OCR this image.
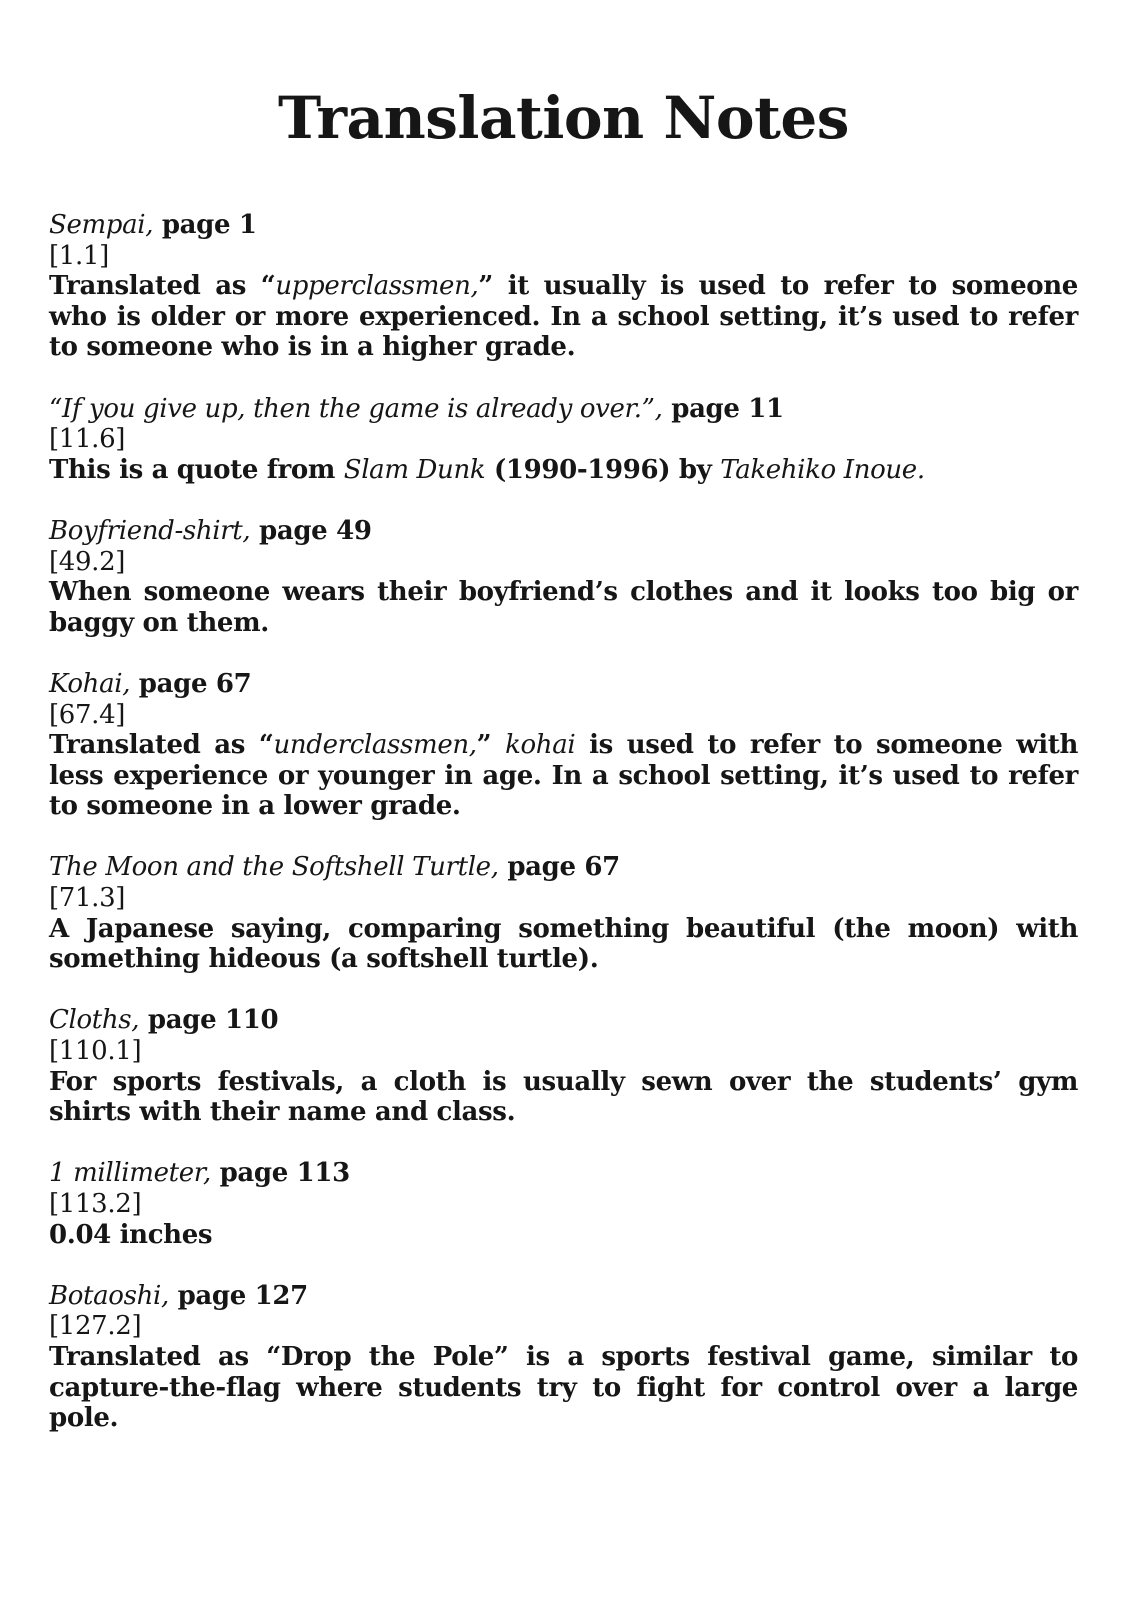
Translation Notes
Sempai, page 1
[1.1]
Translated as “upperclassmen,” it usually is used to refer to someone who is older or more experienced. In a school setting, it’s used to refer to someone who is in a higher grade.
“If you give up, then the game is already over.”, page 11
[11.6]
This is a quote from Slam Dunk (1990-1996) by Takehiko Inoue.
Boyfriend-shirt, page 49
[49.2]
When someone wears their boyfriend’s clothes and it looks too big or baggy on them.
Kohai, page 67
[67.4]
Translated as “underclassmen,” kohai is used to refer to someone with less experience or younger in age. In a school setting, it’s used to refer to someone in a lower grade.
The Moon and the Softshell Turtle, page 67
[71.3]
A Japanese saying, comparing something beautiful (the moon) with something hideous (a softshell turtle).
Cloths, page 110
[110.1]
For sports festivals, a cloth is usually sewn over the students’ gym shirts with their name and class.
1 millimeter, page 113
[113.2]
0.04 inches
Botaoshi, page 127
[127.2]
Translated as “Drop the Pole” is a sports festival game, similar to capture-the-flag where students try to fight for control over a large pole.
